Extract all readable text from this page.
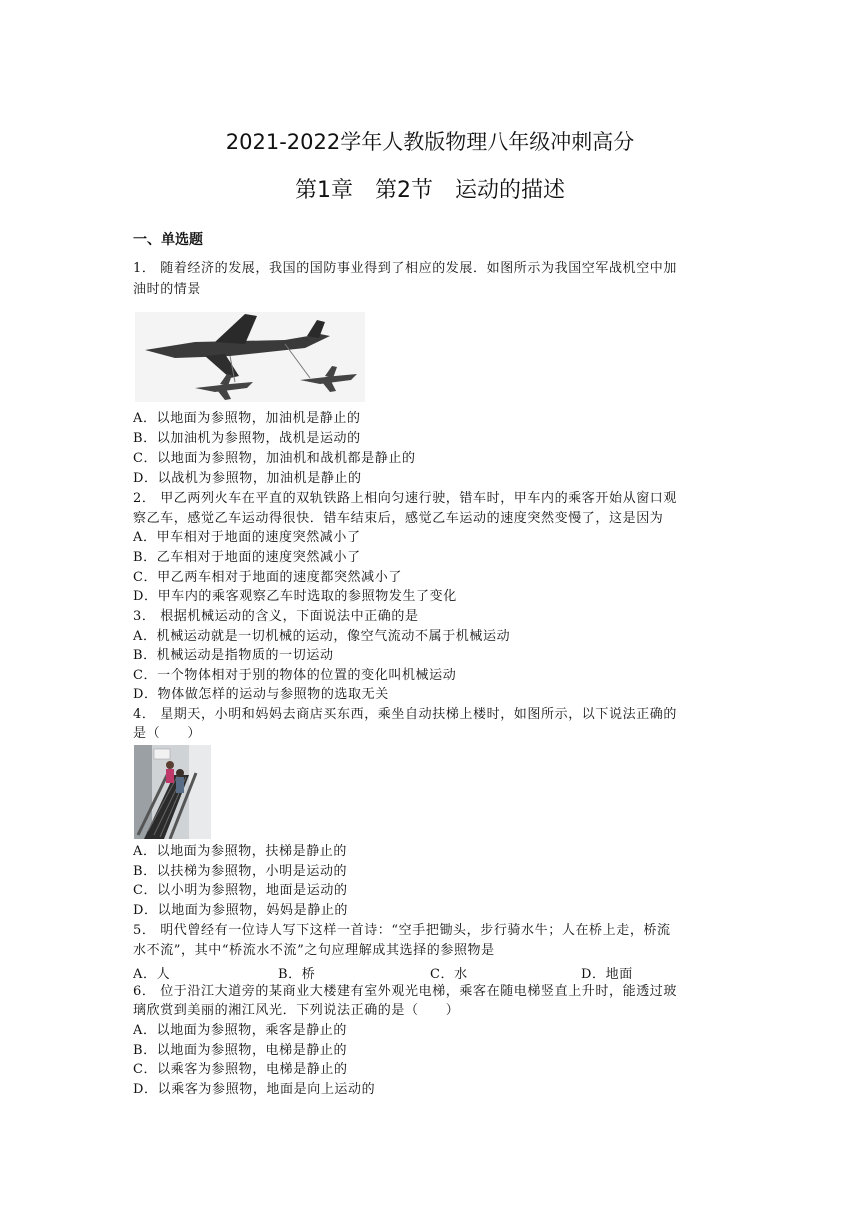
2021-2022学年人教版物理八年级冲刺高分
第1章　第2节　运动的描述
一、单选题
1． 随着经济的发展，我国的国防事业得到了相应的发展．如图所示为我国空军战机空中加
油时的情景
A．以地面为参照物，加油机是静止的
B．以加油机为参照物，战机是运动的
C．以地面为参照物，加油机和战机都是静止的
D．以战机为参照物，加油机是静止的
2． 甲乙两列火车在平直的双轨铁路上相向匀速行驶，错车时，甲车内的乘客开始从窗口观
察乙车，感觉乙车运动得很快．错车结束后，感觉乙车运动的速度突然变慢了，这是因为
A．甲车相对于地面的速度突然减小了
B．乙车相对于地面的速度突然减小了
C．甲乙两车相对于地面的速度都突然减小了
D．甲车内的乘客观察乙车时选取的参照物发生了变化
3． 根据机械运动的含义，下面说法中正确的是
A．机械运动就是一切机械的运动，像空气流动不属于机械运动
B．机械运动是指物质的一切运动
C．一个物体相对于别的物体的位置的变化叫机械运动
D．物体做怎样的运动与参照物的选取无关
4． 星期天，小明和妈妈去商店买东西，乘坐自动扶梯上楼时，如图所示，以下说法正确的
是（　　）
A．以地面为参照物，扶梯是静止的
B．以扶梯为参照物，小明是运动的
C．以小明为参照物，地面是运动的
D．以地面为参照物，妈妈是静止的
5． 明代曾经有一位诗人写下这样一首诗：“空手把锄头，步行骑水牛；人在桥上走，桥流
水不流”，其中“桥流水不流”之句应理解成其选择的参照物是
A．人	B．桥	C．水	D．地面
6． 位于沿江大道旁的某商业大楼建有室外观光电梯，乘客在随电梯竖直上升时，能透过玻
璃欣赏到美丽的湘江风光．下列说法正确的是（　　）
A．以地面为参照物，乘客是静止的
B．以地面为参照物，电梯是静止的
C．以乘客为参照物，电梯是静止的
D．以乘客为参照物，地面是向上运动的
